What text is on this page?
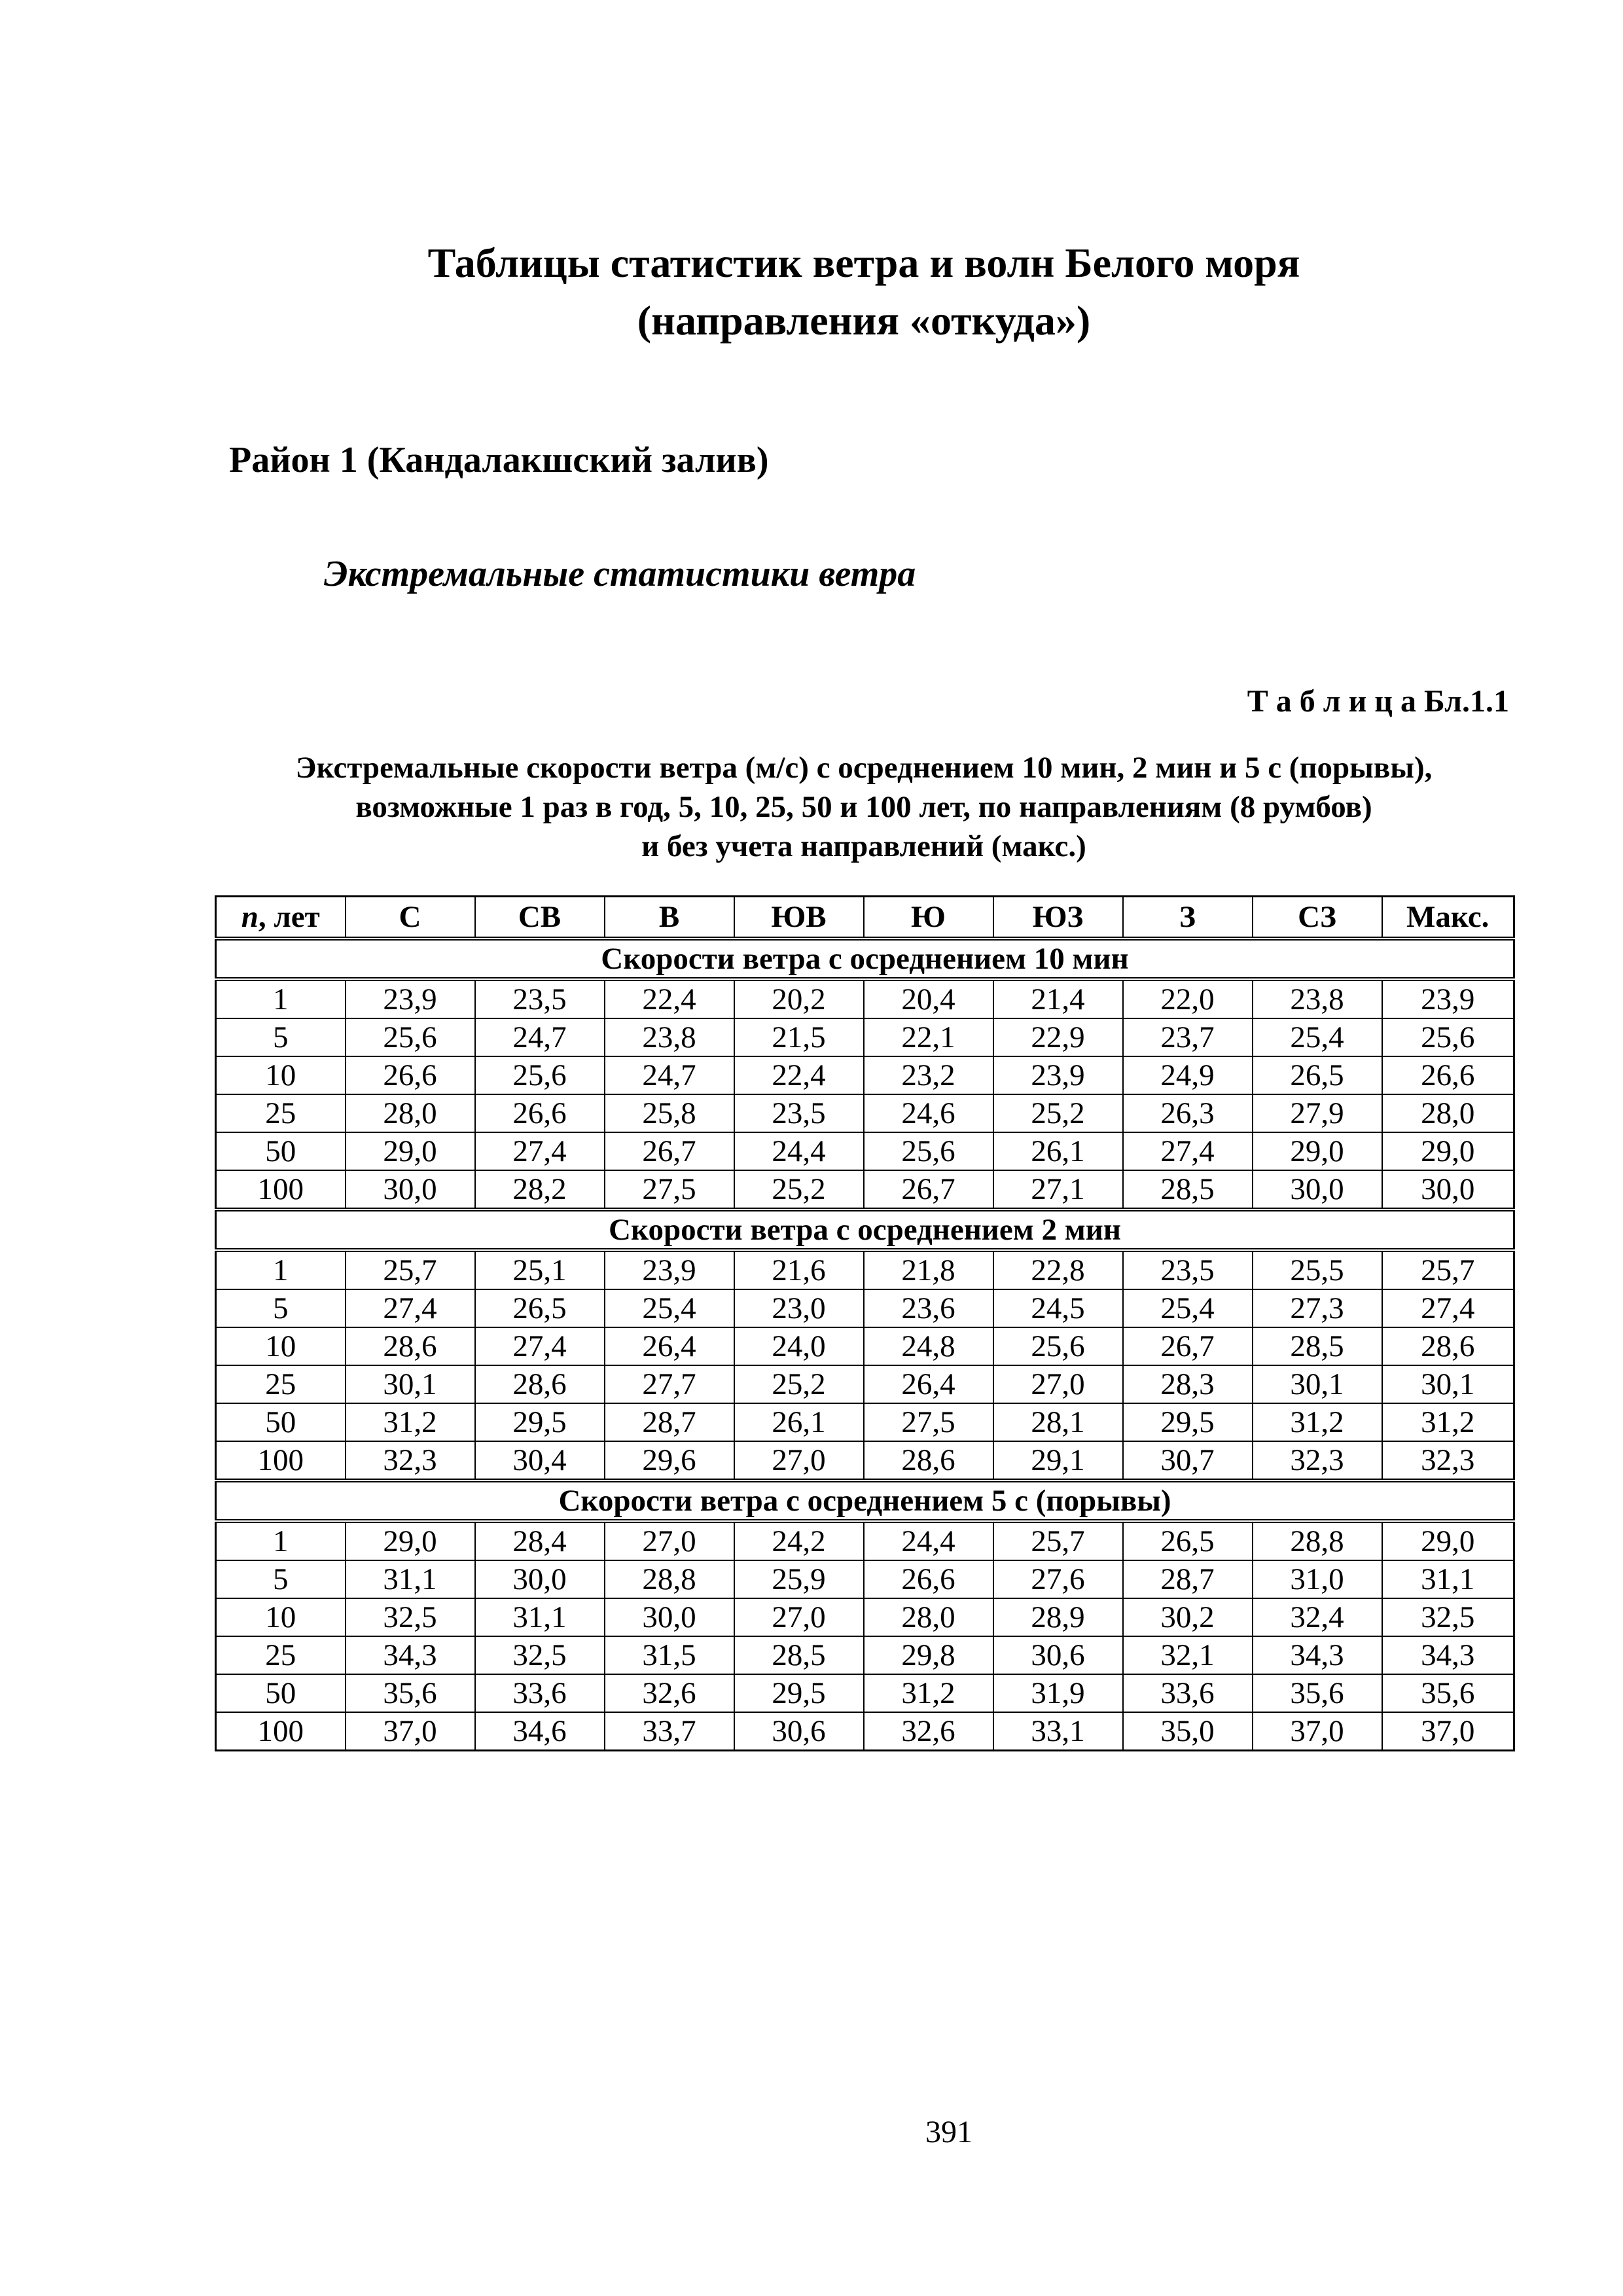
Таблицы статистик ветра и волн Белого моря
(направления «откуда»)
Район 1 (Кандалакшский залив)
Экстремальные статистики ветра
Т а б л и ц а Бл.1.1
Экстремальные скорости ветра (м/с) с осреднением 10 мин, 2 мин и 5 с (порывы),
возможные 1 раз в год, 5, 10, 25, 50 и 100 лет, по направлениям (8 румбов)
и без учета направлений (макс.)
n, лет	С	СВ	В	ЮВ	Ю	ЮЗ	З	СЗ	Макс.
Скорости ветра с осреднением 10 мин									
1	23,9	23,5	22,4	20,2	20,4	21,4	22,0	23,8	23,9
5	25,6	24,7	23,8	21,5	22,1	22,9	23,7	25,4	25,6
10	26,6	25,6	24,7	22,4	23,2	23,9	24,9	26,5	26,6
25	28,0	26,6	25,8	23,5	24,6	25,2	26,3	27,9	28,0
50	29,0	27,4	26,7	24,4	25,6	26,1	27,4	29,0	29,0
100	30,0	28,2	27,5	25,2	26,7	27,1	28,5	30,0	30,0
Скорости ветра с осреднением 2 мин									
1	25,7	25,1	23,9	21,6	21,8	22,8	23,5	25,5	25,7
5	27,4	26,5	25,4	23,0	23,6	24,5	25,4	27,3	27,4
10	28,6	27,4	26,4	24,0	24,8	25,6	26,7	28,5	28,6
25	30,1	28,6	27,7	25,2	26,4	27,0	28,3	30,1	30,1
50	31,2	29,5	28,7	26,1	27,5	28,1	29,5	31,2	31,2
100	32,3	30,4	29,6	27,0	28,6	29,1	30,7	32,3	32,3
Скорости ветра с осреднением 5 с (порывы)									
1	29,0	28,4	27,0	24,2	24,4	25,7	26,5	28,8	29,0
5	31,1	30,0	28,8	25,9	26,6	27,6	28,7	31,0	31,1
10	32,5	31,1	30,0	27,0	28,0	28,9	30,2	32,4	32,5
25	34,3	32,5	31,5	28,5	29,8	30,6	32,1	34,3	34,3
50	35,6	33,6	32,6	29,5	31,2	31,9	33,6	35,6	35,6
100	37,0	34,6	33,7	30,6	32,6	33,1	35,0	37,0	37,0
391
